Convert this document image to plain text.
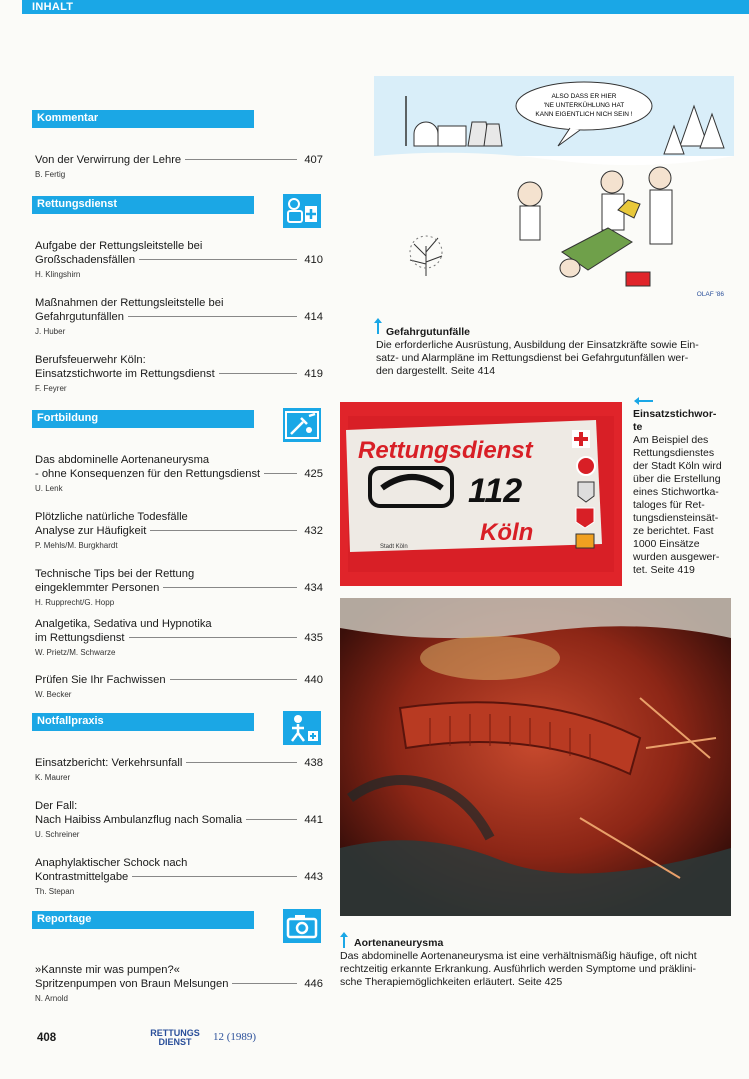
INHALT
Kommentar
Von der Verwirrung der Lehre	407
B. Fertig
Rettungsdienst
Aufgabe der Rettungsleitstelle bei
Großschadensfällen	410
H. Klingshirn
Maßnahmen der Rettungsleitstelle bei
Gefahrgutunfällen	414
J. Huber
Berufsfeuerwehr Köln:
Einsatzstichworte im Rettungsdienst	419
F. Feyrer
Fortbildung
Das abdominelle Aortenaneurysma
- ohne Konsequenzen für den Rettungsdienst	425
U. Lenk
Plötzliche natürliche Todesfälle
Analyse zur Häufigkeit	432
P. Mehls/M. Burgkhardt
Technische Tips bei der Rettung
eingeklemmter Personen	434
H. Rupprecht/G. Hopp
Analgetika, Sedativa und Hypnotika
im Rettungsdienst	435
W. Prietz/M. Schwarze
Prüfen Sie Ihr Fachwissen	440
W. Becker
Notfallpraxis
Einsatzbericht: Verkehrsunfall	438
K. Maurer
Der Fall:
Nach Haibiss Ambulanzflug nach Somalia	441
U. Schreiner
Anaphylaktischer Schock nach
Kontrastmittelgabe	443
Th. Stepan
Reportage
»Kannste mir was pumpen?«
Spritzenpumpen von Braun Melsungen	446
N. Arnold
ALSO DASS ER HIER
'NE UNTERKÜHLUNG HAT
KANN EIGENTLICH NICH SEIN !
OLAF '86
Gefahrgutunfälle
Die erforderliche Ausrüstung, Ausbildung der Einsatzkräfte sowie Ein-
satz- und Alarmpläne im Rettungsdienst bei Gefahrgutunfällen wer-
den dargestellt. Seite 414
Rettungsdienst
112
Köln
Stadt Köln
Einsatzstichwor-
te
Am Beispiel des
Rettungsdienstes
der Stadt Köln wird
über die Erstellung
eines Stichwortka-
taloges für Ret-
tungsdiensteinsät-
ze berichtet. Fast
1000 Einsätze
wurden ausgewer-
tet. Seite 419
Aortenaneurysma
Das abdominelle Aortenaneurysma ist eine verhältnismäßig häufige, oft nicht
rechtzeitig erkannte Erkrankung. Ausführlich werden Symptome und präklini-
sche Therapiemöglichkeiten erläutert. Seite 425
408	RETTUNGS
DIENST 12 (1989)
